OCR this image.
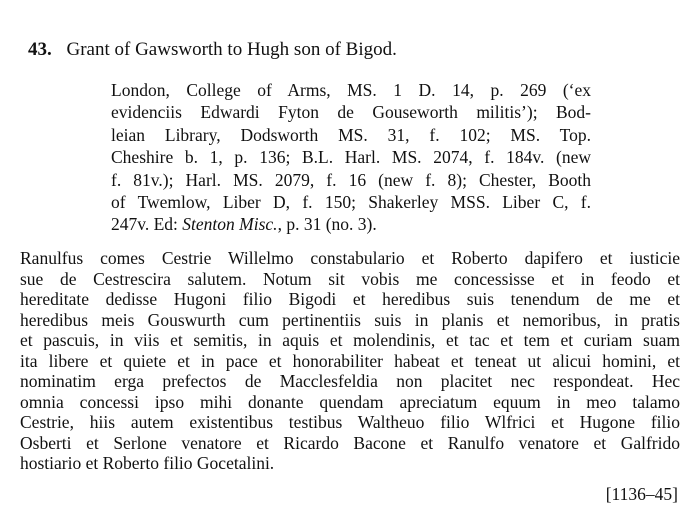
43. Grant of Gawsworth to Hugh son of Bigod.
London, College of Arms, MS. 1 D. 14, p. 269 (‘ex
evidenciis Edwardi Fyton de Gouseworth militis’); Bod-
leian Library, Dodsworth MS. 31, f. 102; MS. Top.
Cheshire b. 1, p. 136; B.L. Harl. MS. 2074, f. 184v. (new
f. 81v.); Harl. MS. 2079, f. 16 (new f. 8); Chester, Booth
of Twemlow, Liber D, f. 150; Shakerley MSS. Liber C, f.
247v. Ed: Stenton Misc., p. 31 (no. 3).
Ranulfus comes Cestrie Willelmo constabulario et Roberto dapifero et iusticie
sue de Cestrescira salutem. Notum sit vobis me concessisse et in feodo et
hereditate dedisse Hugoni filio Bigodi et heredibus suis tenendum de me et
heredibus meis Gouswurth cum pertinentiis suis in planis et nemoribus, in pratis
et pascuis, in viis et semitis, in aquis et molendinis, et tac et tem et curiam suam
ita libere et quiete et in pace et honorabiliter habeat et teneat ut alicui homini, et
nominatim erga prefectos de Macclesfeldia non placitet nec respondeat. Hec
omnia concessi ipso mihi donante quendam apreciatum equum in meo talamo
Cestrie, hiis autem existentibus testibus Waltheuo filio Wlfrici et Hugone filio
Osberti et Serlone venatore et Ricardo Bacone et Ranulfo venatore et Galfrido
hostiario et Roberto filio Gocetalini.
[1136–45]
